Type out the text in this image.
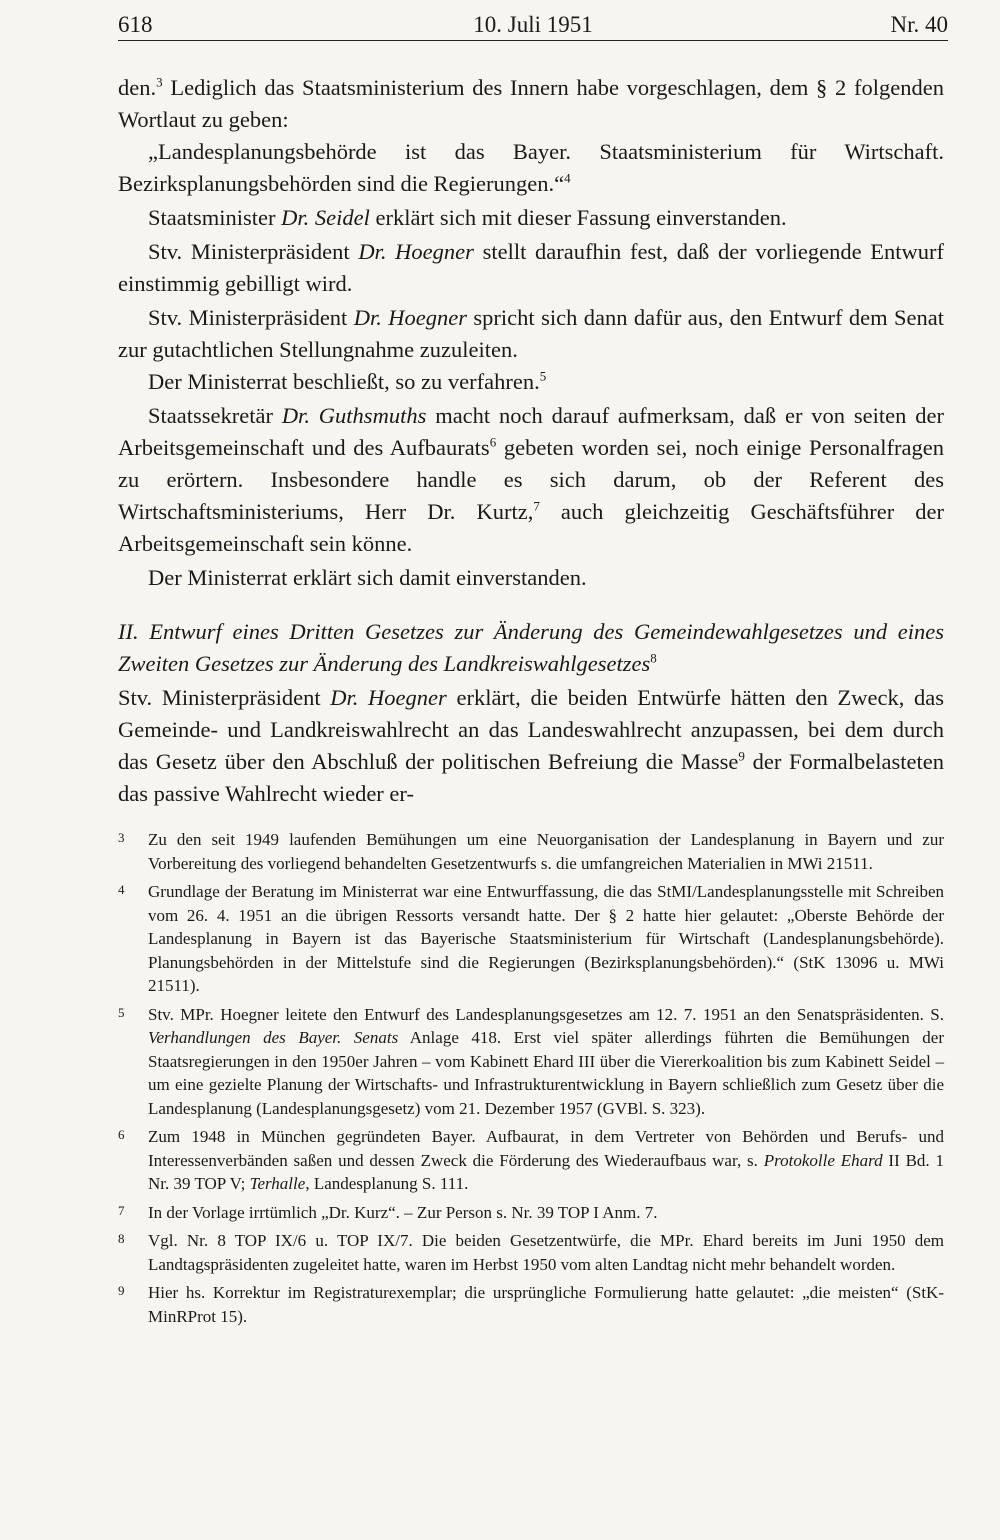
618	10. Juli 1951	Nr. 40

den.$^3$ Lediglich das Staatsministerium des Innern habe vorgeschlagen, dem § 2 folgenden Wortlaut zu geben:

„Landesplanungsbehörde ist das Bayer. Staatsministerium für Wirtschaft. Bezirksplanungsbehörden sind die Regierungen.“$^4$

Staatsminister Dr. Seidel erklärt sich mit dieser Fassung einverstanden.

Stv. Ministerpräsident Dr. Hoegner stellt daraufhin fest, daß der vorliegende Entwurf einstimmig gebilligt wird.

Stv. Ministerpräsident Dr. Hoegner spricht sich dann dafür aus, den Entwurf dem Senat zur gutachtlichen Stellungnahme zuzuleiten.

Der Ministerrat beschließt, so zu verfahren.$^5$

Staatssekretär Dr. Guthsmuths macht noch darauf aufmerksam, daß er von seiten der Arbeitsgemeinschaft und des Aufbaurats$^6$ gebeten worden sei, noch einige Personalfragen zu erörtern. Insbesondere handle es sich darum, ob der Referent des Wirtschaftsministeriums, Herr Dr. Kurtz,$^7$ auch gleichzeitig Geschäftsführer der Arbeitsgemeinschaft sein könne.

Der Ministerrat erklärt sich damit einverstanden.

II. Entwurf eines Dritten Gesetzes zur Änderung des Gemeindewahlgesetzes und eines Zweiten Gesetzes zur Änderung des Landkreiswahlgesetzes$^8$

Stv. Ministerpräsident Dr. Hoegner erklärt, die beiden Entwürfe hätten den Zweck, das Gemeinde- und Landkreiswahlrecht an das Landeswahlrecht anzupassen, bei dem durch das Gesetz über den Abschluß der politischen Befreiung die Masse$^9$ der Formalbelasteten das passive Wahlrecht wieder er-

3 Zu den seit 1949 laufenden Bemühungen um eine Neuorganisation der Landesplanung in Bayern und zur Vorbereitung des vorliegend behandelten Gesetzentwurfs s. die umfangreichen Materialien in MWi 21511.

4 Grundlage der Beratung im Ministerrat war eine Entwurffassung, die das StMI/Landesplanungsstelle mit Schreiben vom 26. 4. 1951 an die übrigen Ressorts versandt hatte. Der § 2 hatte hier gelautet: „Oberste Behörde der Landesplanung in Bayern ist das Bayerische Staatsministerium für Wirtschaft (Landesplanungsbehörde). Planungsbehörden in der Mittelstufe sind die Regierungen (Bezirksplanungsbehörden).“ (StK 13096 u. MWi 21511).

5 Stv. MPr. Hoegner leitete den Entwurf des Landesplanungsgesetzes am 12. 7. 1951 an den Senatspräsidenten. S. Verhandlungen des Bayer. Senats Anlage 418. Erst viel später allerdings führten die Bemühungen der Staatsregierungen in den 1950er Jahren – vom Kabinett Ehard III über die Viererkoalition bis zum Kabinett Seidel – um eine gezielte Planung der Wirtschafts- und Infrastrukturentwicklung in Bayern schließlich zum Gesetz über die Landesplanung (Landesplanungsgesetz) vom 21. Dezember 1957 (GVBl. S. 323).

6 Zum 1948 in München gegründeten Bayer. Aufbaurat, in dem Vertreter von Behörden und Berufs- und Interessenverbänden saßen und dessen Zweck die Förderung des Wiederaufbaus war, s. Protokolle Ehard II Bd. 1 Nr. 39 TOP V; Terhalle, Landesplanung S. 111.

7 In der Vorlage irrtümlich „Dr. Kurz“. – Zur Person s. Nr. 39 TOP I Anm. 7.

8 Vgl. Nr. 8 TOP IX/6 u. TOP IX/7. Die beiden Gesetzentwürfe, die MPr. Ehard bereits im Juni 1950 dem Landtagspräsidenten zugeleitet hatte, waren im Herbst 1950 vom alten Landtag nicht mehr behandelt worden.

9 Hier hs. Korrektur im Registraturexemplar; die ursprüngliche Formulierung hatte gelautet: „die meisten“ (StK-MinRProt 15).
